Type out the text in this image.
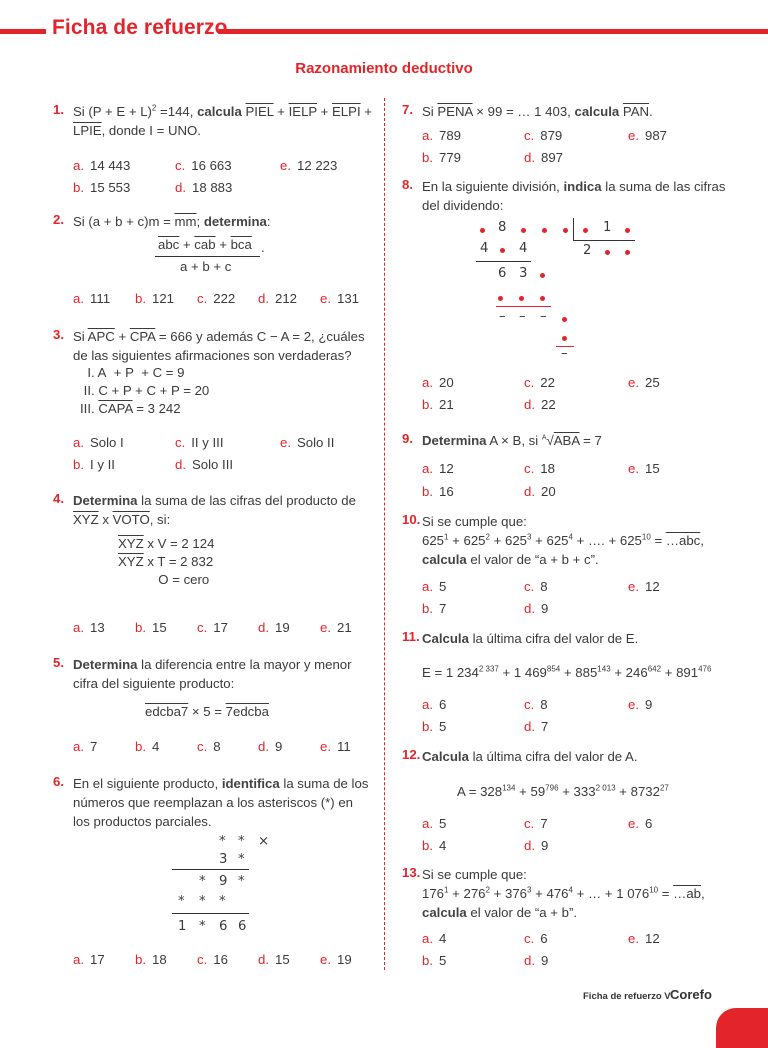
Ficha de refuerzo
Razonamiento deductivo
1. Si $(P + E + L)^2 =144$, calcula PIEL + IELP + ELPI + LPIE, donde I = UNO.
a. 14 443	c. 16 663	e. 12 223
b. 15 553	d. 18 883
2. Si $(a + b + c)m = \overline{mm}$; determina:
$\overline{abc} + \overline{cab} + \overline{bca}$
a + b + c
.
a. 111 b. 121 c. 222 d. 212 e. 131
3. Si $\overline{APC} + \overline{CPA} = 666$ y además C − A = 2, ¿cuáles de las siguientes afirmaciones son verdaderas?
I. A  + P  + C = 9
II. C + P + C + P = 20
III. CAPA = 3 242
a. Solo I	c. II y III	e. Solo II
b. I y II	d. Solo III
4. Determina la suma de las cifras del producto de $\overline{XYZ}$ x VOTO, si:
$\overline{XYZ}$ x V = 2 124
$\overline{XYZ}$ x T = 2 832
O = cero
a. 13 b. 15 c. 17 d. 19 e. 21
5. Determina la diferencia entre la mayor y menor cifra del siguiente producto:
edcba7 × 5 = 7edcba
a. 7	b. 4	c. 8	d. 9	e. 11
6. En el siguiente producto, identifica la suma de los números que reemplazan a los asteriscos (*) en los productos parciales.
* * ×
3 *
* 9 *
* * *
1 * 6 6
a. 17 b. 18 c. 16 d. 15 e. 19
7. Si PENA × 99 = … 1 403, calcula $\overline{PAN}$.
a. 789	c. 879	e. 987
b. 779	d. 897
8. En la siguiente división, indica la suma de las cifras del dividendo:
8	1
4 4	2
6 3
– – –
–
a. 20	c. 22	e. 25
b. 21	d. 22
9. Determina A × B, si $^A$√ABA = 7
a. 12	c. 18	e. 15
b. 16	d. 20
10. Si se cumple que:
$625^1 + 625^2 + 625^3 + 625^4$ + …. + $625^{10}$ = …abc,
calcula el valor de “a + b + c”.
a. 5	c. 8	e. 12
b. 7	d. 9
11. Calcula la última cifra del valor de E.
E = 1 $234^{2 337} + 1$ $469^{854} + 885^{143} + 246^{642} + 891^{476}$
a. 6	c. 8	e. 9
b. 5	d. 7
12. Calcula la última cifra del valor de A.
$A = 328^{134} + 59^{796} + 333^{2 013} + 8732^{27}$
a. 5	c. 7	e. 6
b. 4	d. 9
13. Si se cumple que:
$176^1 + 276^2 + 376^3 + 476^4$ + … + 1 $076^{10}$ = …ab,
calcula el valor de “a + b”.
a. 4	c. 6	e. 12
b. 5	d. 9
Ficha de refuerzo V Corefo
